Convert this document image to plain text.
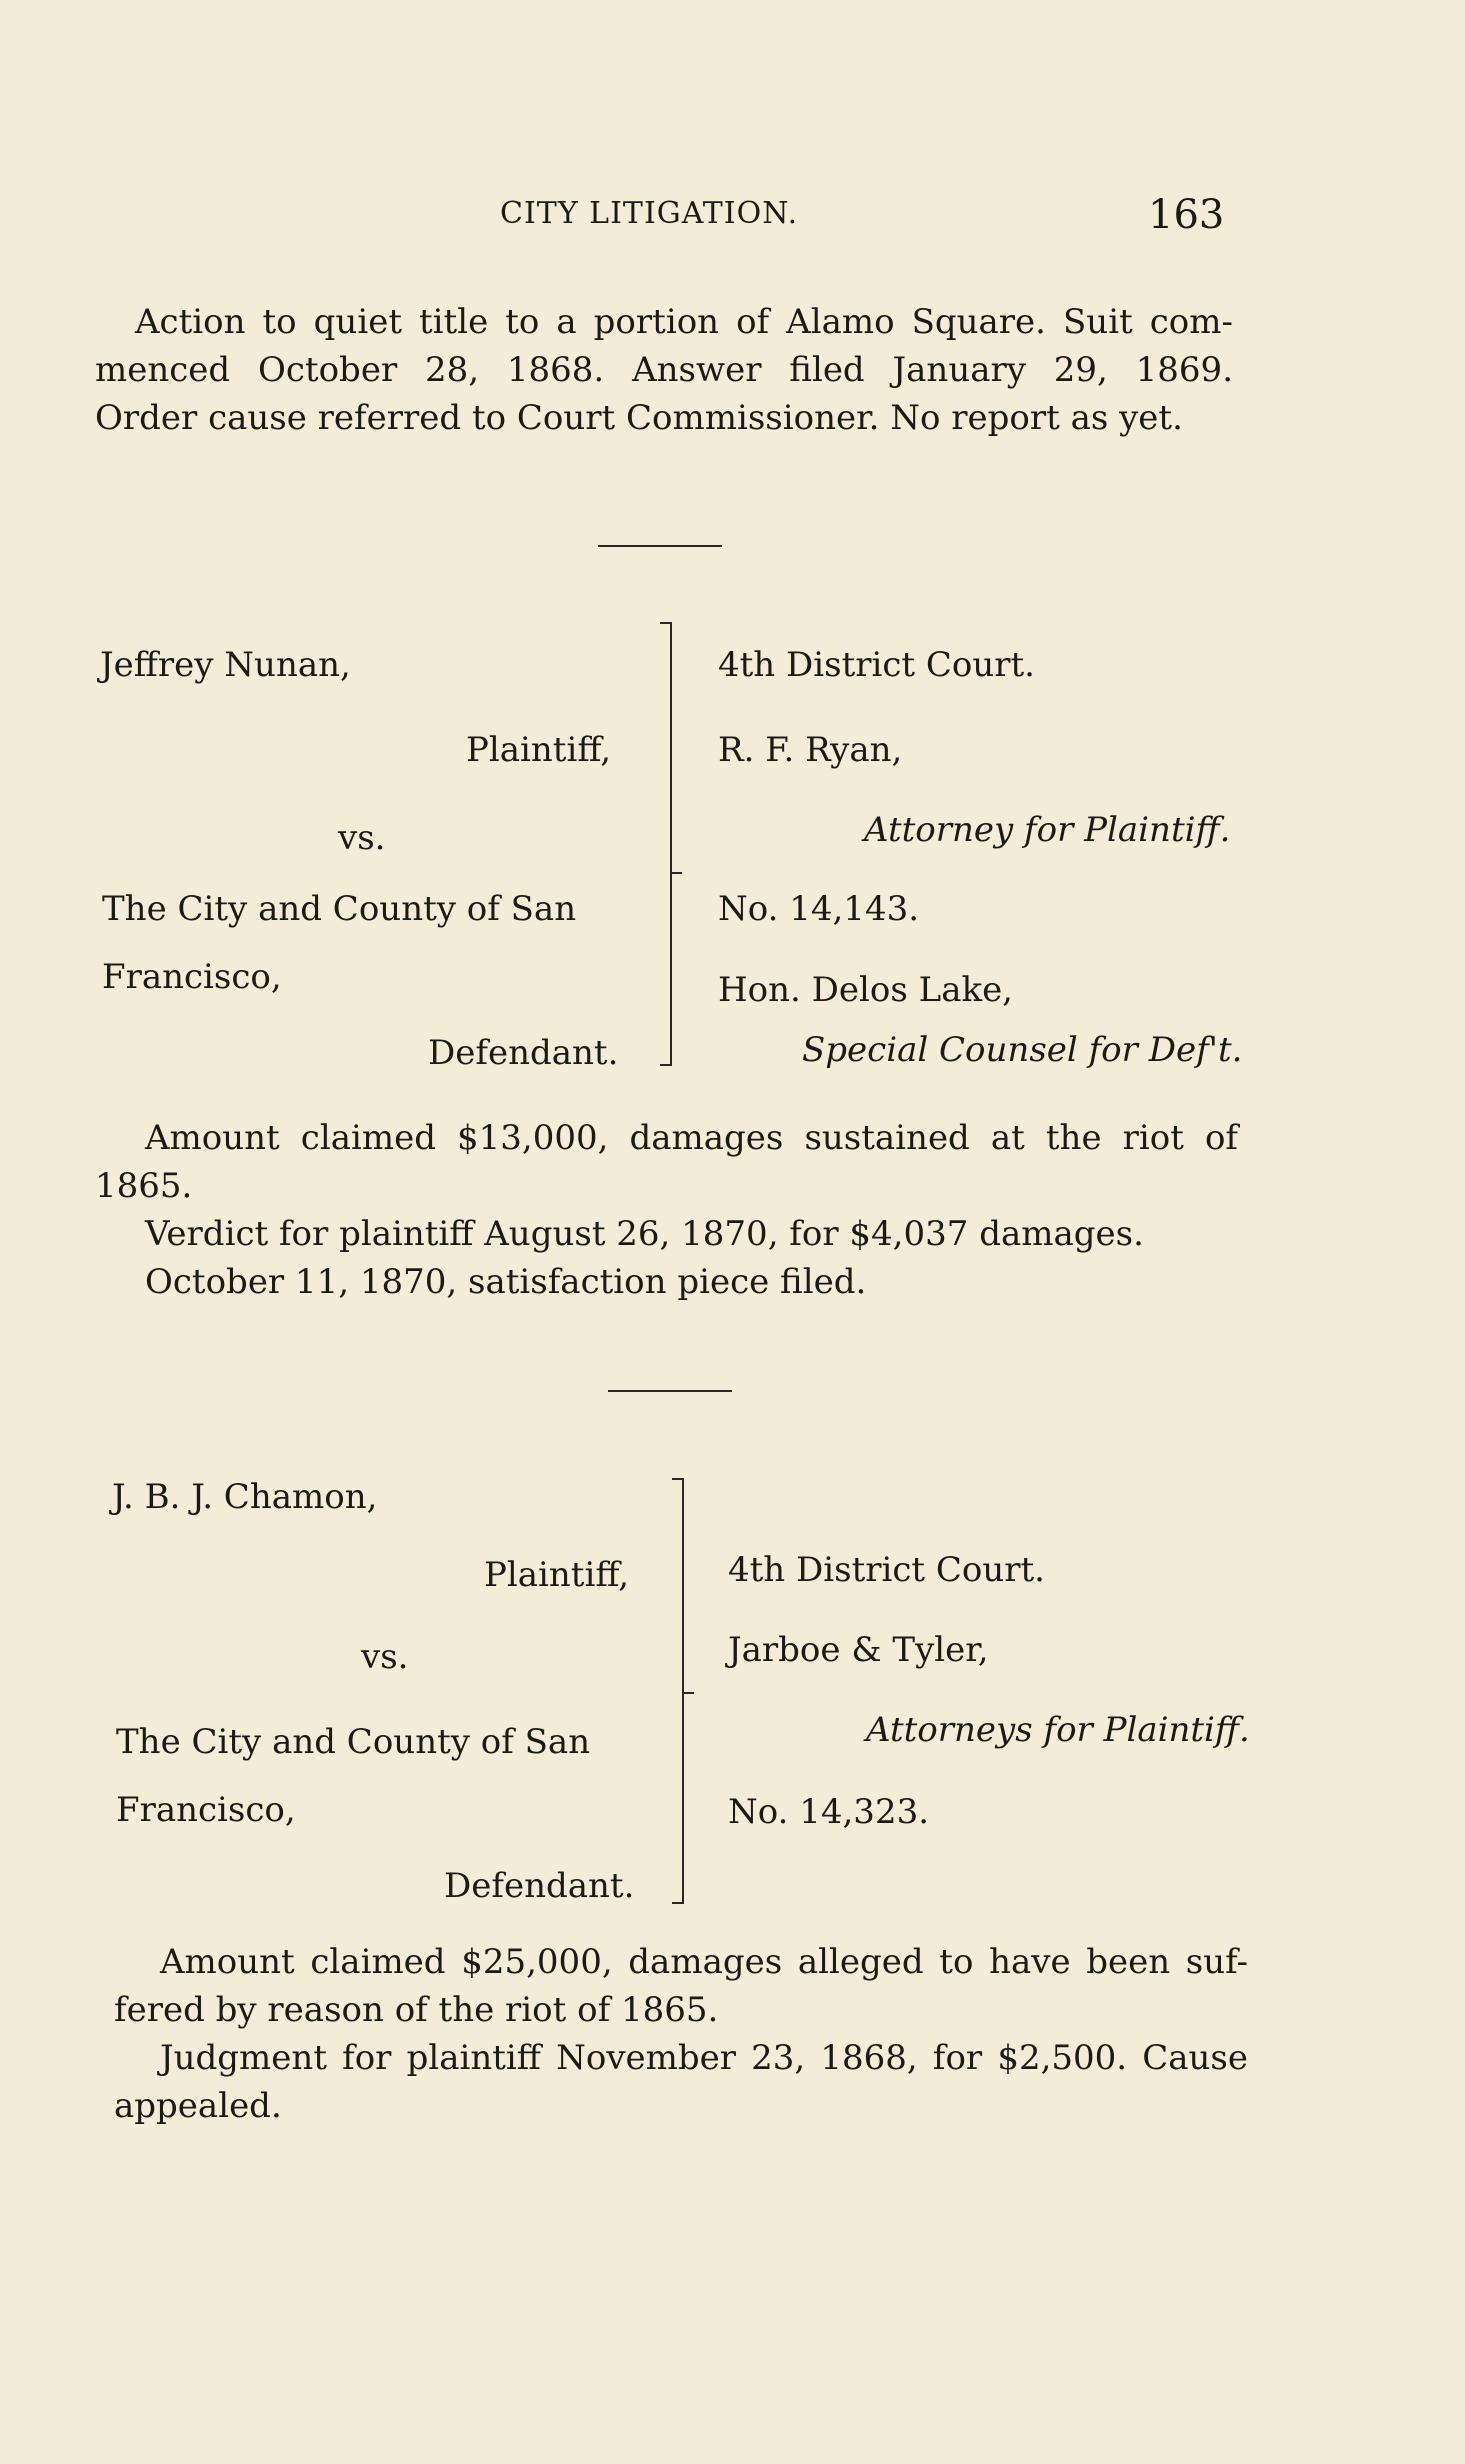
CITY LITIGATION.	163
Action to quiet title to a portion of Alamo Square. Suit com-
menced October 28, 1868. Answer filed January 29, 1869.
Order cause referred to Court Commissioner. No report as yet.
Jeffrey Nunan,
Plaintiff,
vs.
The City and County of San
Francisco,
Defendant.
4th District Court.
R. F. Ryan,
Attorney for Plaintiff.
No. 14,143.
Hon. Delos Lake,
Special Counsel for Def't.
Amount claimed $13,000, damages sustained at the riot of
1865.
Verdict for plaintiff August 26, 1870, for $4,037 damages.
October 11, 1870, satisfaction piece filed.
J. B. J. Chamon,
Plaintiff,
vs.
The City and County of San
Francisco,
Defendant.
4th District Court.
Jarboe & Tyler,
Attorneys for Plaintiff.
No. 14,323.
Amount claimed $25,000, damages alleged to have been suf-
fered by reason of the riot of 1865.
Judgment for plaintiff November 23, 1868, for $2,500. Cause
appealed.
